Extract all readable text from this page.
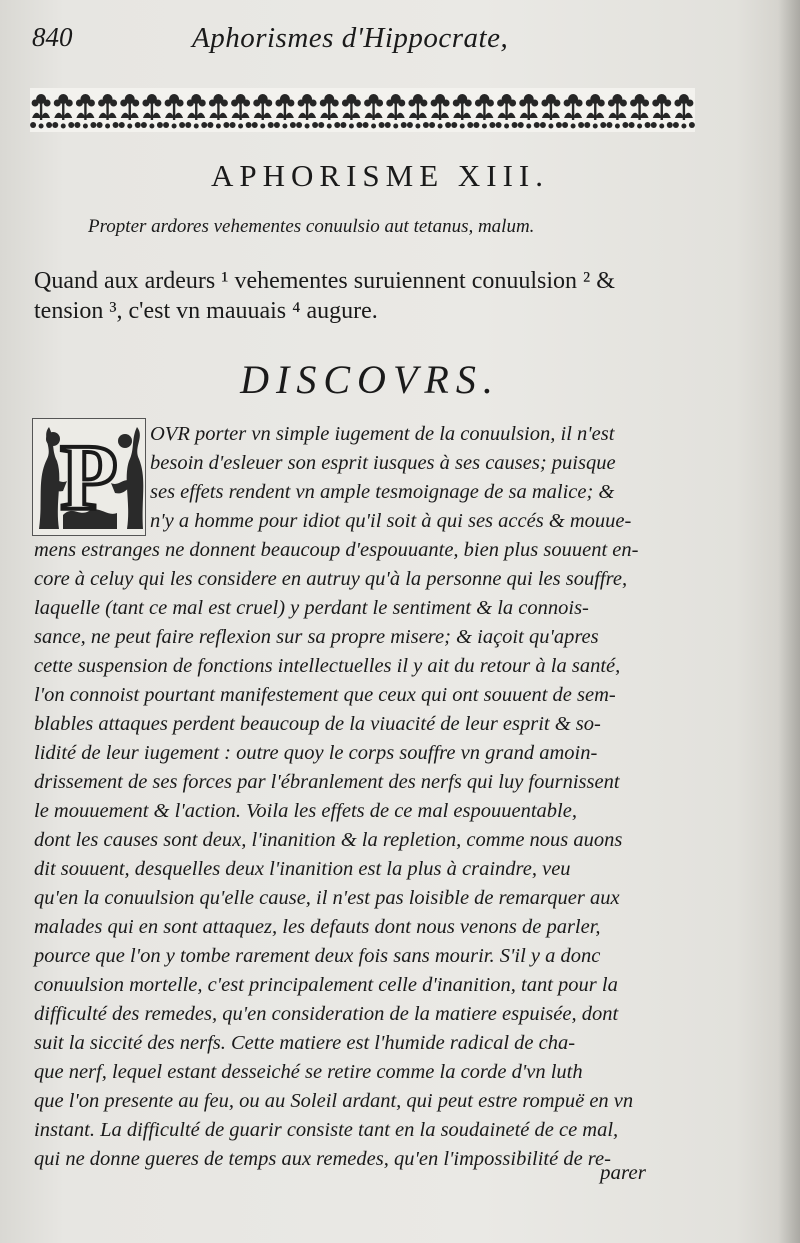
840	Aphorismes d'Hippocrate,
APHORISME XIII.
Propter ardores vehementes conuulsio aut tetanus, malum.
Quand aux ardeurs ¹ vehementes suruiennent conuulsion ² &
tension ³, c'est vn mauuais ⁴ augure.
DISCOVRS.
P	OVR porter vn simple iugement de la conuulsion, il n'est
besoin d'esleuer son esprit iusques à ses causes; puisque
ses effets rendent vn ample tesmoignage de sa malice; &
n'y a homme pour idiot qu'il soit à qui ses accés & mouue-
mens estranges ne donnent beaucoup d'espouuante, bien plus souuent en-
core à celuy qui les considere en autruy qu'à la personne qui les souffre,
laquelle (tant ce mal est cruel) y perdant le sentiment & la connois-
sance, ne peut faire reflexion sur sa propre misere; & iaçoit qu'apres
cette suspension de fonctions intellectuelles il y ait du retour à la santé,
l'on connoist pourtant manifestement que ceux qui ont souuent de sem-
blables attaques perdent beaucoup de la viuacité de leur esprit & so-
lidité de leur iugement : outre quoy le corps souffre vn grand amoin-
drissement de ses forces par l'ébranlement des nerfs qui luy fournissent
le mouuement & l'action. Voila les effets de ce mal espouuentable,
dont les causes sont deux, l'inanition & la repletion, comme nous auons
dit souuent, desquelles deux l'inanition est la plus à craindre, veu
qu'en la conuulsion qu'elle cause, il n'est pas loisible de remarquer aux
malades qui en sont attaquez, les defauts dont nous venons de parler,
pource que l'on y tombe rarement deux fois sans mourir. S'il y a donc
conuulsion mortelle, c'est principalement celle d'inanition, tant pour la
difficulté des remedes, qu'en consideration de la matiere espuisée, dont
suit la siccité des nerfs. Cette matiere est l'humide radical de cha-
que nerf, lequel estant desseiché se retire comme la corde d'vn luth
que l'on presente au feu, ou au Soleil ardant, qui peut estre rompuë en vn
instant. La difficulté de guarir consiste tant en la soudaineté de ce mal,
qui ne donne gueres de temps aux remedes, qu'en l'impossibilité de re-
parer
